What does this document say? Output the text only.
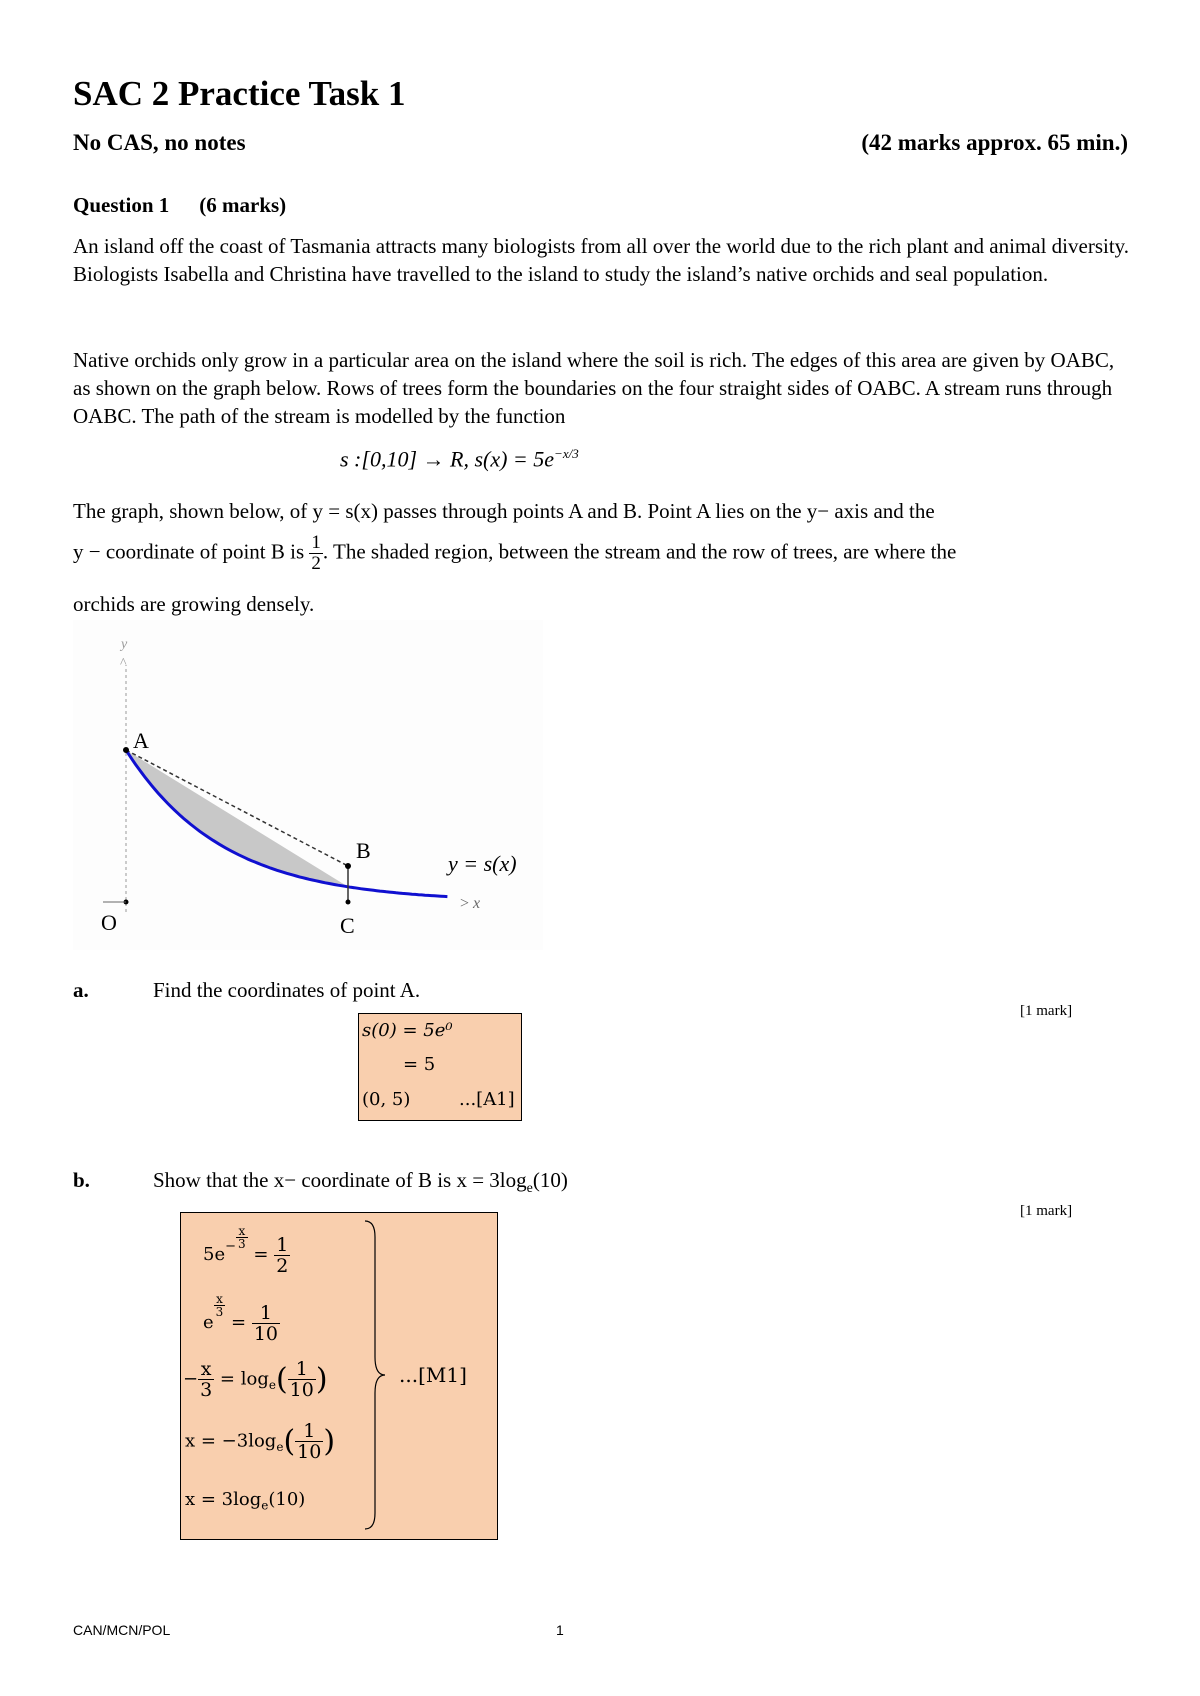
SAC 2 Practice Task 1
No CAS, no notes	(42 marks approx. 65 min.)
Question 1 (6 marks)
An island off the coast of Tasmania attracts many biologists from all over the world due to the rich plant and animal diversity. Biologists Isabella and Christina have travelled to the island to study the island’s native orchids and seal population.
Native orchids only grow in a particular area on the island where the soil is rich. The edges of this area are given by OABC, as shown on the graph below. Rows of trees form the boundaries on the four straight sides of OABC. A stream runs through OABC. The path of the stream is modelled by the function
s :[0,10] → R, $s(x) = 5e^{-x/3}$
The graph, shown below, of y = s(x) passes through points A and B. Point A lies on the y− axis and the
y − coordinate of point B is $\frac{1}{2}$ . The shaded region, between the stream and the row of trees, are where the
orchids are growing densely.
y
^
A
B
C
O
y = s(x)
> x
a.	Find the coordinates of point A.
[1 mark]
s(0) = 5e⁰
= 5
(0, 5)	...[A1]
b.	Show that the x− coordinate of B is $x = 3\log_e(10)$
[1 mark]
$5e^- \frac{x}{3}$
= $\frac{1}{2}$
e
$\frac{x}{3}$
= $\frac{1}{10}$
− $\frac{x}{3} = \log_e( \frac{1}{10}$ )
$x = -3\log_e( \frac{1}{10}$ )
$x = 3\log_e(10)$
...[M1]
CAN/MCN/POL	1
